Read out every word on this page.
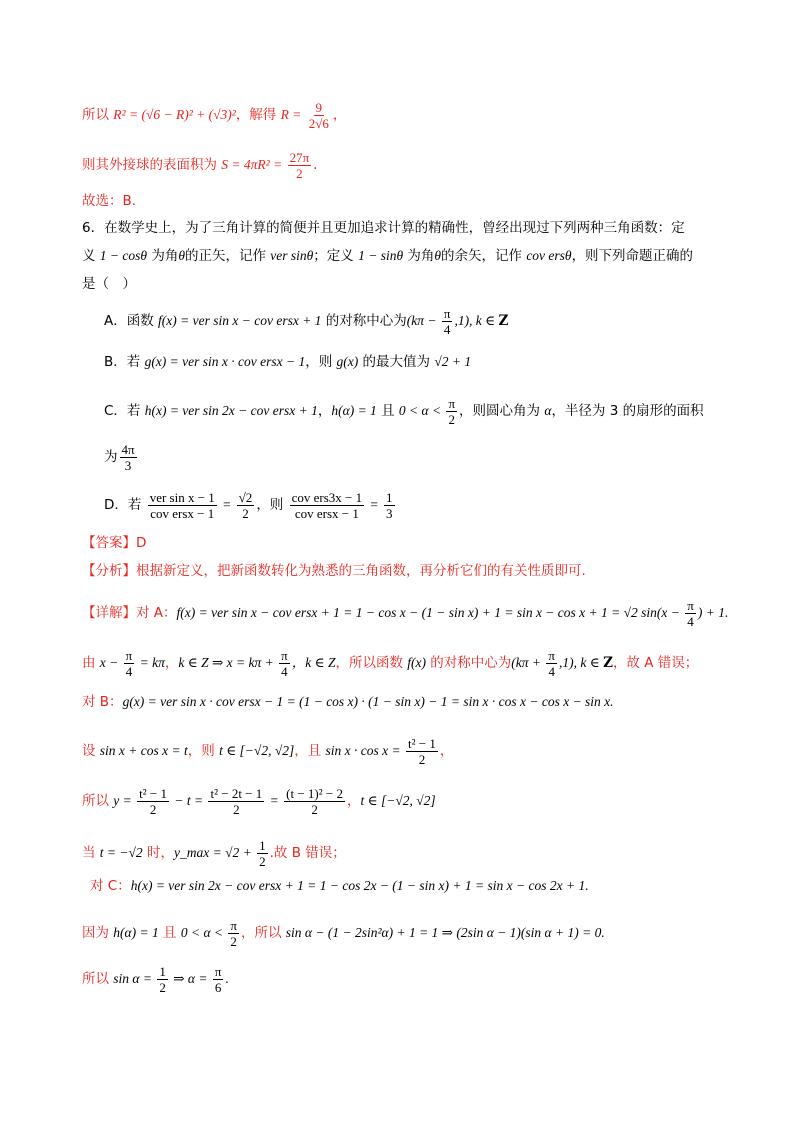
所以 R² = (√6 − R)² + (√3)²，解得 $R = \frac{9}{2√6}$ ，
则其外接球的表面积为 $S = 4\pi R^2 = \frac{27\pi}{2}$ .
故选：B.
6．在数学史上，为了三角计算的简便并且更加追求计算的精确性，曾经出现过下列两种三角函数：定
义 1 − cosθ 为角θ的正矢，记作 ver sinθ；定义 1 − sinθ 为角θ的余矢，记作 cov ersθ，则下列命题正确的
是（　）
A．函数 f(x) = ver sin x − cov ersx + 1 的对称中心为$(k\pi - \frac{\pi}{4} ,1)$, k ∈ Z
B．若 g(x) = ver sin x · cov ersx − 1，则 g(x) 的最大值为 √2 + 1
C．若 h(x) = ver sin 2x − cov ersx + 1，h(α) = 1 且 $0 < \alpha < \frac{\pi}{2}$ ，则圆心角为 α，半径为 3 的扇形的面积
为 $\frac{4\pi}{3}$
D．若 $\frac{\text{ver sin x − 1}}{\text{cov ersx − 1}} = \frac{√2}{2}$ ，则 $\frac{\text{cov ers3x − 1}}{\text{cov ersx − 1}} = \frac{1}{3}$
【答案】D
【分析】根据新定义，把新函数转化为熟悉的三角函数，再分析它们的有关性质即可.
【详解】对 A：f(x) = ver sin x − cov ersx + 1 = 1 − cos x − (1 − sin x) + 1 = sin x − cos x + 1 = √2 $\sin(x - \frac{\pi}{4}$ ) + 1.
由 $x - \frac{\pi}{4} = k\pi$，k ∈ Z ⇒ $x = k\pi + \frac{\pi}{4}$ ，k ∈ Z，所以函数 f(x) 的对称中心为$(k\pi + \frac{\pi}{4} ,1)$, k ∈ Z，故 A 错误；
对 B：g(x) = ver sin x · cov ersx − 1 = (1 − cos x) · (1 − sin x) − 1 = sin x · cos x − cos x − sin x.
设 sin x + cos x = t，则 t ∈ [−√2, √2]，且 $\sin x \cdot \cos x = \frac{\text{t² − 1}}{2}$ ，
所以 $y = \frac{\text{t² − 1}}{2} - t = \frac{\text{t² − 2t − 1}}{2} = \frac{\text{(t − 1)² − 2}}{2}$ ，t ∈ [−√2, √2]
当 t = −√2 时，y_max = $√2 + \frac{1}{2}$ .故 B 错误；
对 C：h(x) = ver sin 2x − cov ersx + 1 = 1 − cos 2x − (1 − sin x) + 1 = sin x − cos 2x + 1.
因为 h(α) = 1 且 $0 < \alpha < \frac{\pi}{2}$ ，所以 sin α − (1 − 2sin²α) + 1 = 1 ⇒ (2sin α − 1)(sin α + 1) = 0.
所以 $\sin \alpha = \frac{1}{2}$ ⇒ $\alpha = \frac{\pi}{6}$ .
